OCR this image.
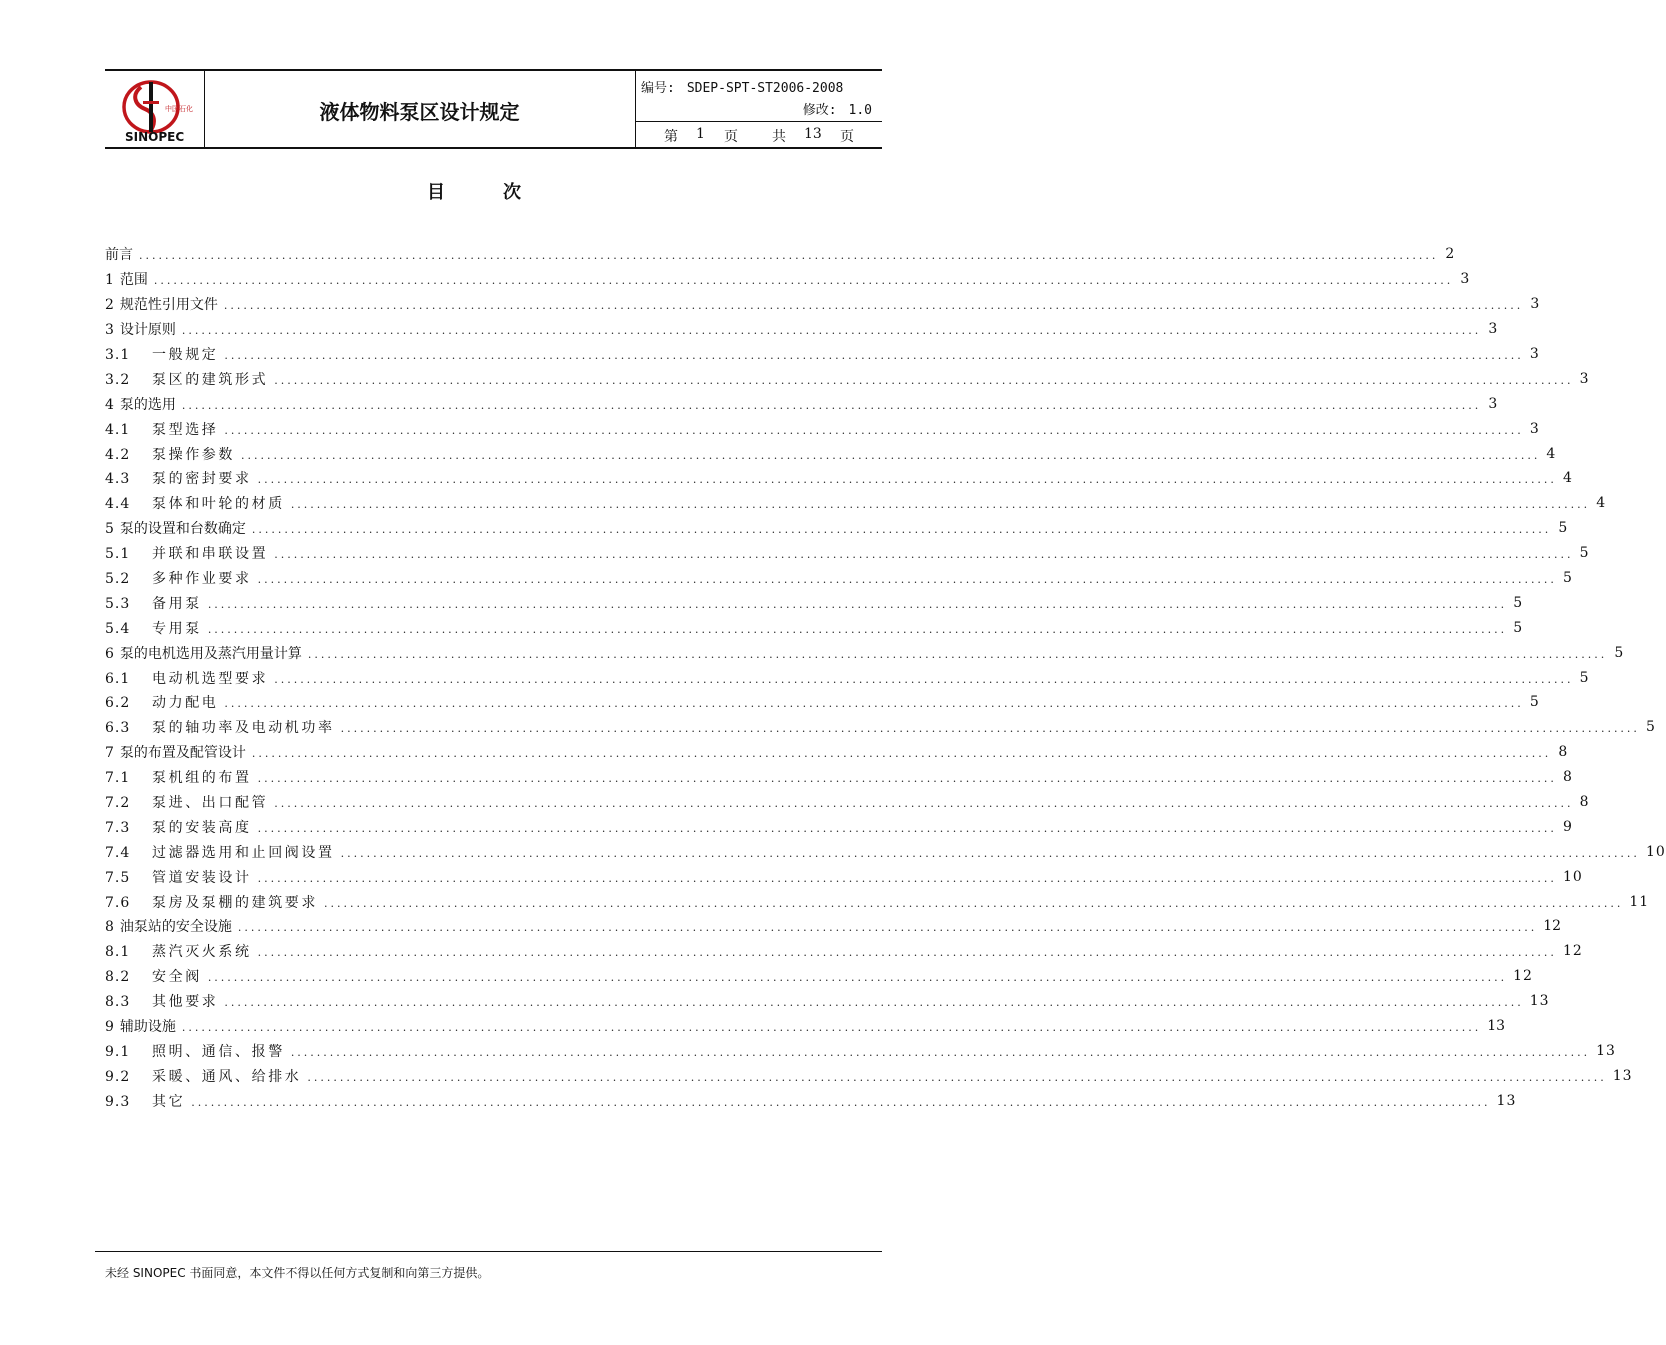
中国石化
SINOPEC
液体物料泵区设计规定
编号: SDEP-SPT-ST2006-2008
修改: 1.0
第 1 页 共 13 页
目	次
前言 ........................................................................................................................................................................................................ 2
1 范围 ........................................................................................................................................................................................................ 3
2 规范性引用文件 ........................................................................................................................................................................................................ 3
3 设计原则 ........................................................................................................................................................................................................ 3
3.1 一般规定 ........................................................................................................................................................................................................ 3
3.2 泵区的建筑形式 ........................................................................................................................................................................................................ 3
4 泵的选用 ........................................................................................................................................................................................................ 3
4.1 泵型选择 ........................................................................................................................................................................................................ 3
4.2 泵操作参数 ........................................................................................................................................................................................................ 4
4.3 泵的密封要求 ........................................................................................................................................................................................................ 4
4.4 泵体和叶轮的材质 ........................................................................................................................................................................................................ 4
5 泵的设置和台数确定 ........................................................................................................................................................................................................ 5
5.1 并联和串联设置 ........................................................................................................................................................................................................ 5
5.2 多种作业要求 ........................................................................................................................................................................................................ 5
5.3 备用泵 ........................................................................................................................................................................................................ 5
5.4 专用泵 ........................................................................................................................................................................................................ 5
6 泵的电机选用及蒸汽用量计算 ........................................................................................................................................................................................................ 5
6.1 电动机选型要求 ........................................................................................................................................................................................................ 5
6.2 动力配电 ........................................................................................................................................................................................................ 5
6.3 泵的轴功率及电动机功率 ........................................................................................................................................................................................................ 5
7 泵的布置及配管设计 ........................................................................................................................................................................................................ 8
7.1 泵机组的布置 ........................................................................................................................................................................................................ 8
7.2 泵进、出口配管 ........................................................................................................................................................................................................ 8
7.3 泵的安装高度 ........................................................................................................................................................................................................ 9
7.4 过滤器选用和止回阀设置 ........................................................................................................................................................................................................ 10
7.5 管道安装设计 ........................................................................................................................................................................................................ 10
7.6 泵房及泵棚的建筑要求 ........................................................................................................................................................................................................ 11
8 油泵站的安全设施 ........................................................................................................................................................................................................ 12
8.1 蒸汽灭火系统 ........................................................................................................................................................................................................ 12
8.2 安全阀 ........................................................................................................................................................................................................ 12
8.3 其他要求 ........................................................................................................................................................................................................ 13
9 辅助设施 ........................................................................................................................................................................................................ 13
9.1 照明、通信、报警 ........................................................................................................................................................................................................ 13
9.2 采暖、通风、给排水 ........................................................................................................................................................................................................ 13
9.3 其它 ........................................................................................................................................................................................................ 13
未经 SINOPEC 书面同意，本文件不得以任何方式复制和向第三方提供。
